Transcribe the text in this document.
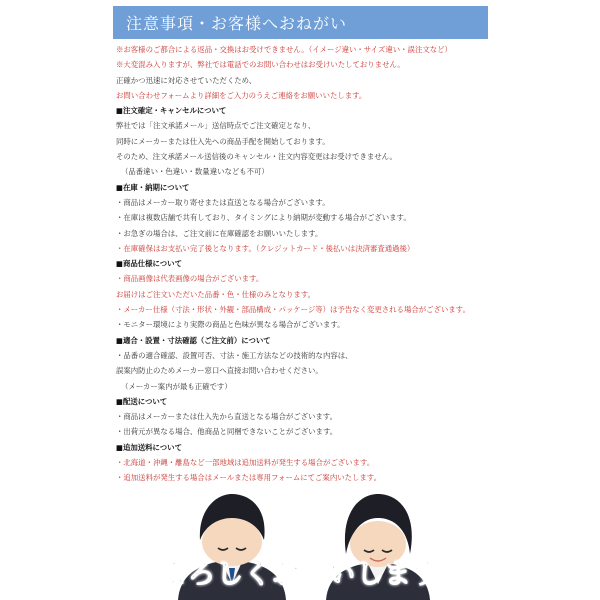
注意事項・お客様へおねがい
※お客様のご都合による返品・交換はお受けできません。（イメージ違い・サイズ違い・誤注文など）
※大変混み入りますが、弊社では電話でのお問い合わせはお受けいたしておりません。
正確かつ迅速に対応させていただくため、
お問い合わせフォームより詳細をご入力のうえご連絡をお願いいたします。
■注文確定・キャンセルについて
弊社では「注文承諾メール」送信時点でご注文確定となり、
同時にメーカーまたは仕入先への商品手配を開始しております。
そのため、注文承諾メール送信後のキャンセル・注文内容変更はお受けできません。
（品番違い・色違い・数量違いなども不可）
■在庫・納期について
・商品はメーカー取り寄せまたは直送となる場合がございます。
・在庫は複数店舗で共有しており、タイミングにより納期が変動する場合がございます。
・お急ぎの場合は、ご注文前に在庫確認をお願いいたします。
・在庫確保はお支払い完了後となります。（クレジットカード・後払いは決済審査通過後）
■商品仕様について
・商品画像は代表画像の場合がございます。
お届けはご注文いただいた品番・色・仕様のみとなります。
・メーカー仕様（寸法・形状・外観・部品構成・パッケージ等）は予告なく変更される場合がございます。
・モニター環境により実際の商品と色味が異なる場合がございます。
■適合・設置・寸法確認（ご注文前）について
・品番の適合確認、設置可否、寸法・施工方法などの技術的な内容は、
誤案内防止のためメーカー窓口へ直接お問い合わせください。
（メーカー案内が最も正確です）
■配送について
・商品はメーカーまたは仕入先から直送となる場合がございます。
・出荷元が異なる場合、他商品と同梱できないことがございます。
■追加送料について
・北海道・沖縄・離島など一部地域は追加送料が発生する場合がございます。
・追加送料が発生する場合はメールまたは専用フォームにてご案内いたします。
よろしくお願いします
